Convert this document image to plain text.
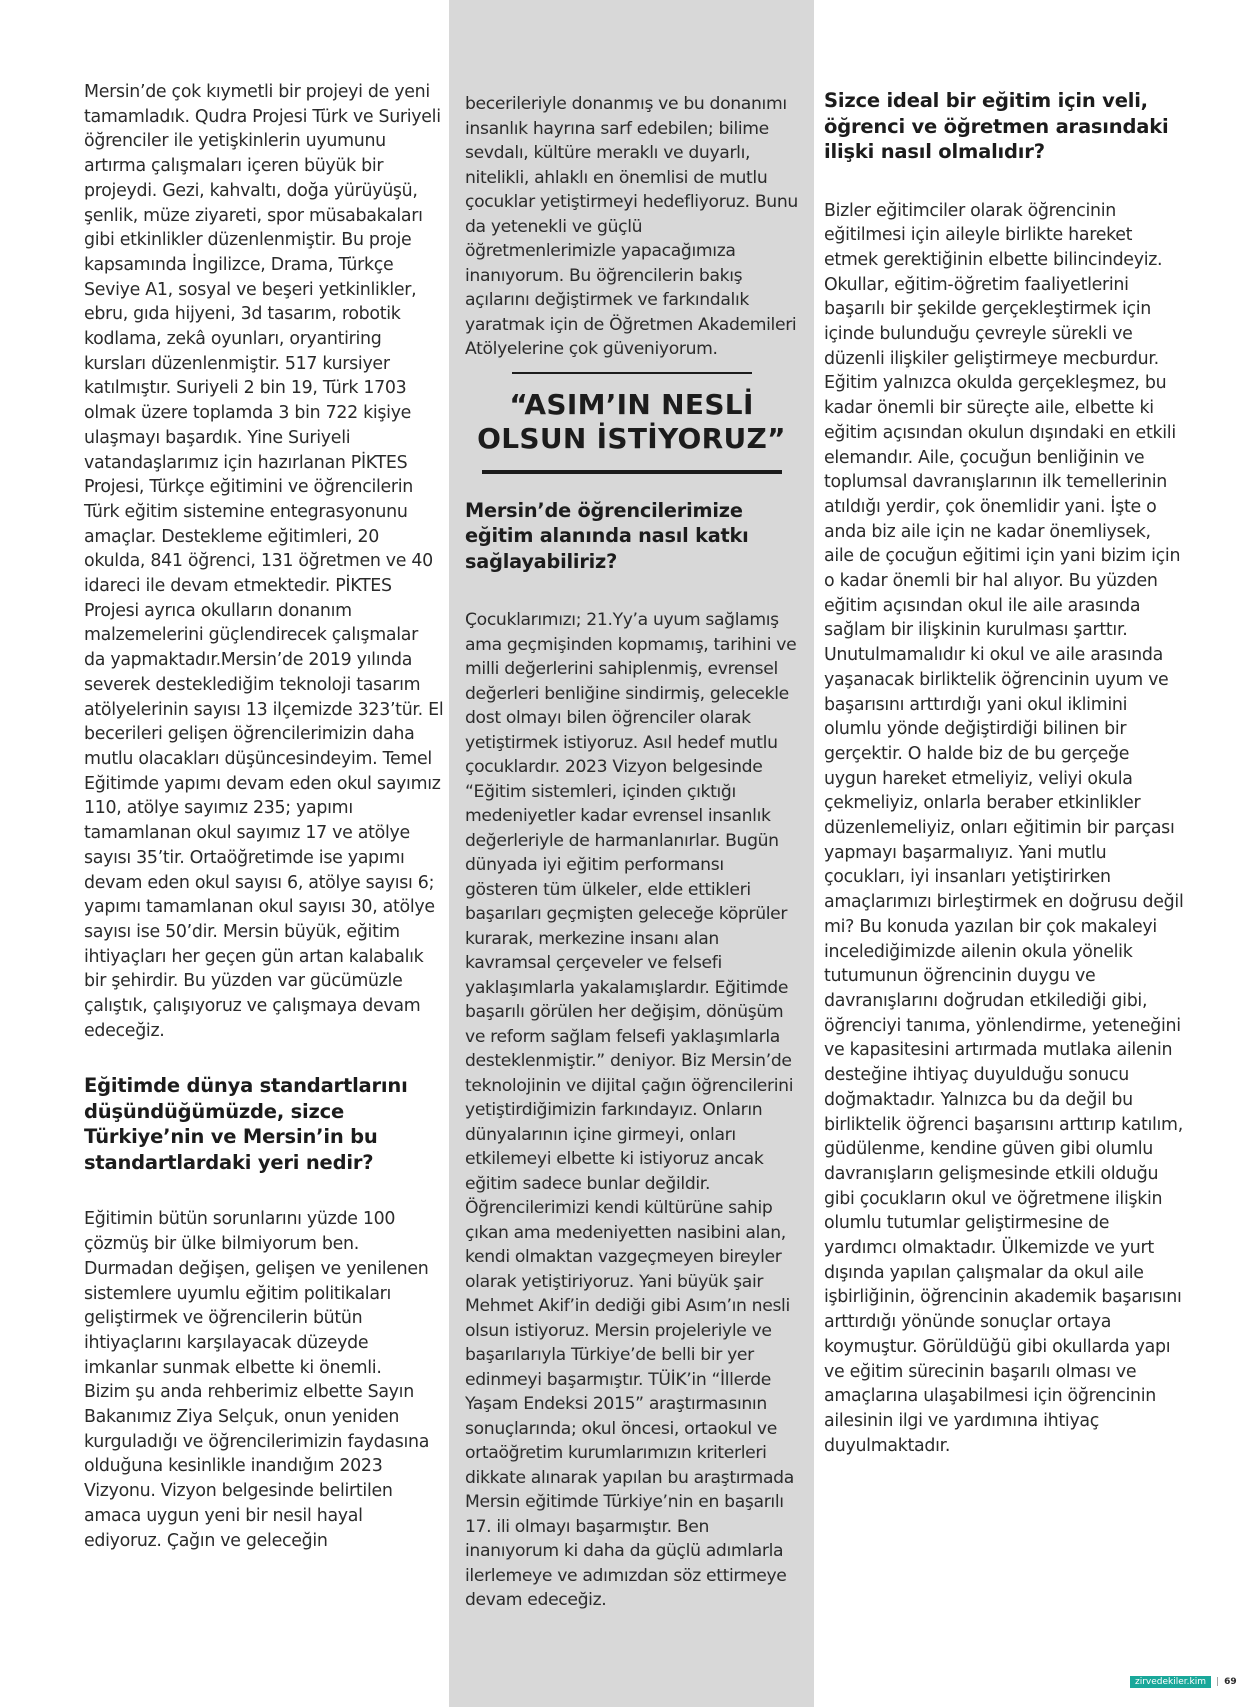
Mersin’de çok kıymetli bir projeyi de yeni tamamladık. Qudra Projesi Türk ve Suriyeli öğrenciler ile yetişkinlerin uyumunu artırma çalışmaları içeren büyük bir projeydi. Gezi, kahvaltı, doğa yürüyüşü, şenlik, müze ziyareti, spor müsabakaları gibi etkinlikler düzenlenmiştir. Bu proje kapsamında İngilizce, Drama, Türkçe Seviye A1, sosyal ve beşeri yetkinlikler, ebru, gıda hijyeni, 3d tasarım, robotik kodlama, zekâ oyunları, oryantiring kursları düzenlenmiştir. 517 kursiyer katılmıştır. Suriyeli 2 bin 19, Türk 1703 olmak üzere toplamda 3 bin 722 kişiye ulaşmayı başardık. Yine Suriyeli vatandaşlarımız için hazırlanan PİKTES Projesi, Türkçe eğitimini ve öğrencilerin Türk eğitim sistemine entegrasyonunu amaçlar. Destekleme eğitimleri, 20 okulda, 841 öğrenci, 131 öğretmen ve 40 idareci ile devam etmektedir. PİKTES Projesi ayrıca okulların donanım malzemelerini güçlendirecek çalışmalar da yapmaktadır.Mersin’de 2019 yılında severek desteklediğim teknoloji tasarım atölyelerinin sayısı 13 ilçemizde 323’tür. El becerileri gelişen öğrencilerimizin daha mutlu olacakları düşüncesindeyim. Temel Eğitimde yapımı devam eden okul sayımız 110, atölye sayımız 235; yapımı tamamlanan okul sayımız 17 ve atölye sayısı 35’tir. Ortaöğretimde ise yapımı devam eden okul sayısı 6, atölye sayısı 6; yapımı tamamlanan okul sayısı 30, atölye sayısı ise 50’dir. Mersin büyük, eğitim ihtiyaçları her geçen gün artan kalabalık bir şehirdir. Bu yüzden var gücümüzle çalıştık, çalışıyoruz ve çalışmaya devam edeceğiz.

Eğitimde dünya standartlarını düşündüğümüzde, sizce Türkiye’nin ve Mersin’in bu standartlardaki yeri nedir?

Eğitimin bütün sorunlarını yüzde 100 çözmüş bir ülke bilmiyorum ben. Durmadan değişen, gelişen ve yenilenen sistemlere uyumlu eğitim politikaları geliştirmek ve öğrencilerin bütün ihtiyaçlarını karşılayacak düzeyde imkanlar sunmak elbette ki önemli.

Bizim şu anda rehberimiz elbette Sayın Bakanımız Ziya Selçuk, onun yeniden kurguladığı ve öğrencilerimizin faydasına olduğuna kesinlikle inandığım 2023 Vizyonu. Vizyon belgesinde belirtilen amaca uygun yeni bir nesil hayal ediyoruz. Çağın ve geleceğin

becerileriyle donanmış ve bu donanımı insanlık hayrına sarf edebilen; bilime sevdalı, kültüre meraklı ve duyarlı, nitelikli, ahlaklı en önemlisi de mutlu çocuklar yetiştirmeyi hedefliyoruz. Bunu da yetenekli ve güçlü öğretmenlerimizle yapacağımıza inanıyorum. Bu öğrencilerin bakış açılarını değiştirmek ve farkındalık yaratmak için de Öğretmen Akademileri Atölyelerine çok güveniyorum.

“ASIM’IN NESLİ OLSUN İSTİYORUZ”
Mersin’de öğrencilerimize eğitim alanında nasıl katkı sağlayabiliriz?

Çocuklarımızı; 21.Yy’a uyum sağlamış ama geçmişinden kopmamış, tarihini ve milli değerlerini sahiplenmiş, evrensel değerleri benliğine sindirmiş, gelecekle dost olmayı bilen öğrenciler olarak yetiştirmek istiyoruz. Asıl hedef mutlu çocuklardır. 2023 Vizyon belgesinde “Eğitim sistemleri, içinden çıktığı medeniyetler kadar evrensel insanlık değerleriyle de harmanlanırlar. Bugün dünyada iyi eğitim performansı gösteren tüm ülkeler, elde ettikleri başarıları geçmişten geleceğe köprüler kurarak, merkezine insanı alan kavramsal çerçeveler ve felsefi yaklaşımlarla yakalamışlardır. Eğitimde başarılı görülen her değişim, dönüşüm ve reform sağlam felsefi yaklaşımlarla desteklenmiştir.” deniyor. Biz Mersin’de teknolojinin ve dijital çağın öğrencilerini yetiştirdiğimizin farkındayız. Onların dünyalarının içine girmeyi, onları etkilemeyi elbette ki istiyoruz ancak eğitim sadece bunlar değildir. Öğrencilerimizi kendi kültürüne sahip çıkan ama medeniyetten nasibini alan, kendi olmaktan vazgeçmeyen bireyler olarak yetiştiriyoruz. Yani büyük şair Mehmet Akif’in dediği gibi Asım’ın nesli olsun istiyoruz. Mersin projeleriyle ve başarılarıyla Türkiye’de belli bir yer edinmeyi başarmıştır. TÜİK’in “İllerde Yaşam Endeksi 2015” araştırmasının sonuçlarında; okul öncesi, ortaokul ve ortaöğretim kurumlarımızın kriterleri dikkate alınarak yapılan bu araştırmada Mersin eğitimde Türkiye’nin en başarılı 17. ili olmayı başarmıştır. Ben inanıyorum ki daha da güçlü adımlarla ilerlemeye ve adımızdan söz ettirmeye devam edeceğiz.

Sizce ideal bir eğitim için veli, öğrenci ve öğretmen arasındaki ilişki nasıl olmalıdır?

Bizler eğitimciler olarak öğrencinin eğitilmesi için aileyle birlikte hareket etmek gerektiğinin elbette bilincindeyiz. Okullar, eğitim-öğretim faaliyetlerini başarılı bir şekilde gerçekleştirmek için içinde bulunduğu çevreyle sürekli ve düzenli ilişkiler geliştirmeye mecburdur. Eğitim yalnızca okulda gerçekleşmez, bu kadar önemli bir süreçte aile, elbette ki eğitim açısından okulun dışındaki en etkili elemandır. Aile, çocuğun benliğinin ve toplumsal davranışlarının ilk temellerinin atıldığı yerdir, çok önemlidir yani. İşte o anda biz aile için ne kadar önemliysek, aile de çocuğun eğitimi için yani bizim için o kadar önemli bir hal alıyor. Bu yüzden eğitim açısından okul ile aile arasında sağlam bir ilişkinin kurulması şarttır. Unutulmamalıdır ki okul ve aile arasında yaşanacak birliktelik öğrencinin uyum ve başarısını arttırdığı yani okul iklimini olumlu yönde değiştirdiği bilinen bir gerçektir. O halde biz de bu gerçeğe uygun hareket etmeliyiz, veliyi okula çekmeliyiz, onlarla beraber etkinlikler düzenlemeliyiz, onları eğitimin bir parçası yapmayı başarmalıyız. Yani mutlu çocukları, iyi insanları yetiştirirken amaçlarımızı birleştirmek en doğrusu değil mi? Bu konuda yazılan bir çok makaleyi incelediğimizde ailenin okula yönelik tutumunun öğrencinin duygu ve davranışlarını doğrudan etkilediği gibi, öğrenciyi tanıma, yönlendirme, yeteneğini ve kapasitesini artırmada mutlaka ailenin desteğine ihtiyaç duyulduğu sonucu doğmaktadır. Yalnızca bu da değil bu birliktelik öğrenci başarısını arttırıp katılım, güdülenme, kendine güven gibi olumlu davranışların gelişmesinde etkili olduğu gibi çocukların okul ve öğretmene ilişkin olumlu tutumlar geliştirmesine de yardımcı olmaktadır. Ülkemizde ve yurt dışında yapılan çalışmalar da okul aile işbirliğinin, öğrencinin akademik başarısını arttırdığı yönünde sonuçlar ortaya koymuştur. Görüldüğü gibi okullarda yapı ve eğitim sürecinin başarılı olması ve amaçlarına ulaşabilmesi için öğrencinin ailesinin ilgi ve yardımına ihtiyaç duyulmaktadır.

zirvedekiler.kim	| 69
